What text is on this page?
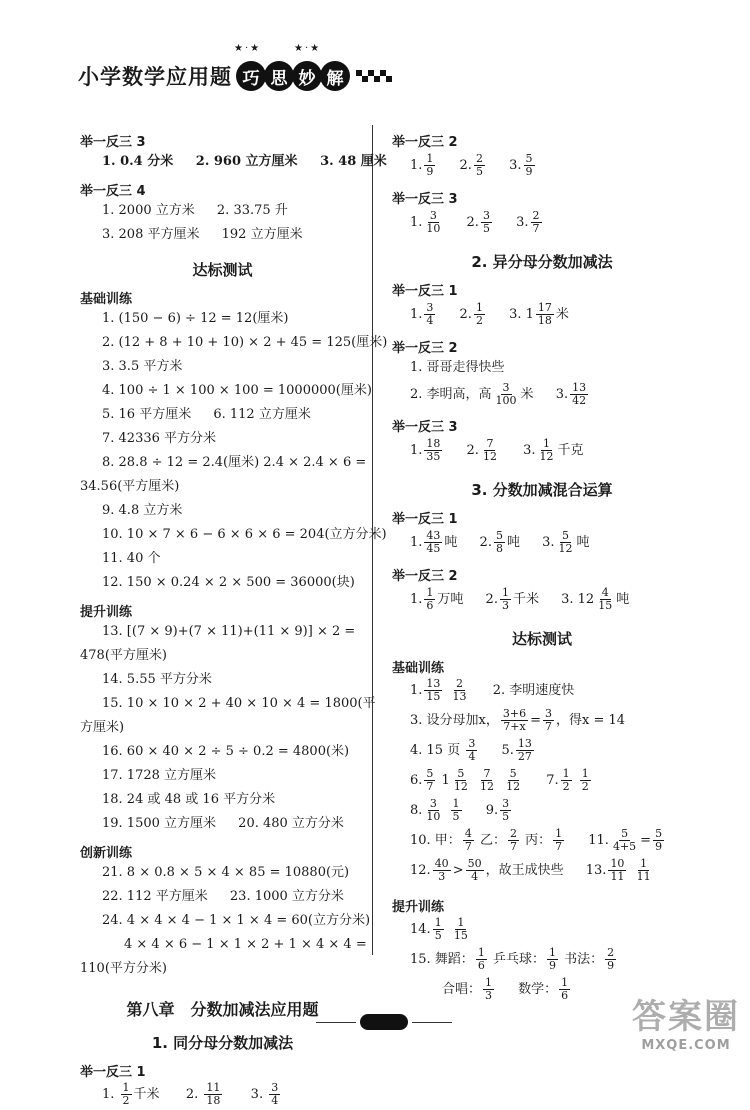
小学数学应用题
★·★	★·★
巧 思 妙 解
举一反三 3
1. 0.4 分米 2. 960 立方厘米 3. 48 厘米
举一反三 4
1. 2000 立方米 2. 33.75 升
3. 208 平方厘米 192 立方厘米
达标测试
基础训练
1. (150 − 6) ÷ 12 = 12(厘米)
2. (12 + 8 + 10 + 10) × 2 + 45 = 125(厘米)
3. 3.5 平方米
4. 100 ÷ 1 × 100 × 100 = 1000000(厘米)
5. 16 平方厘米 6. 112 立方厘米
7. 42336 平方分米
8. 28.8 ÷ 12 = 2.4(厘米) 2.4 × 2.4 × 6 =
34.56(平方厘米)
9. 4.8 立方米
10. 10 × 7 × 6 − 6 × 6 × 6 = 204(立方分米)
11. 40 个
12. 150 × 0.24 × 2 × 500 = 36000(块)
提升训练
13. [(7 × 9)+(7 × 11)+(11 × 9)] × 2 =
478(平方厘米)
14. 5.55 平方分米
15. 10 × 10 × 2 + 40 × 10 × 4 = 1800(平
方厘米)
16. 60 × 40 × 2 ÷ 5 ÷ 0.2 = 4800(米)
17. 1728 立方厘米
18. 24 或 48 或 16 平方分米
19. 1500 立方厘米 20. 480 立方分米
创新训练
21. 8 × 0.8 × 5 × 4 × 85 = 10880(元)
22. 112 平方厘米 23. 1000 立方分米
24. 4 × 4 × 4 − 1 × 1 × 4 = 60(立方分米)
4 × 4 × 6 − 1 × 1 × 2 + 1 × 4 × 4 =
110(平方分米)
第八章　分数加减法应用题
1. 同分母分数加减法
举一反三 1
1. $\frac{1}{2}$ 千米 2. $\frac{11}{18} 3$. $\frac{3}{4}$
举一反三 2
1. $\frac{1}{9} 2$. $\frac{2}{5} 3$. $\frac{5}{9}$
举一反三 3
1. $\frac{3}{10} 2$. $\frac{3}{5} 3$. $\frac{2}{7}$
2. 异分母分数加减法
举一反三 1
1. $\frac{3}{4} 2$. $\frac{1}{2} 3$. $1 \frac{17}{18}$ 米
举一反三 2
1. 哥哥走得快些
2. 李明高，高 $\frac{3}{100}$ 米 3. $\frac{13}{42}$
举一反三 3
1. $\frac{18}{35} 2$. $\frac{7}{12} 3$. $\frac{1}{12}$ 千克
3. 分数加减混合运算
举一反三 1
1. $\frac{43}{45}$ 吨 2. $\frac{5}{8}$ 吨 3. $\frac{5}{12}$ 吨
举一反三 2
1. $\frac{1}{6}$ 万吨 2. $\frac{1}{3}$ 千米 3. $12 \frac{4}{15}$ 吨
达标测试
基础训练
1. $\frac{13}{15}$
$\frac{2}{13} 2$. 李明速度快
3. 设分母加x， $\frac{3+6}{7+x} = \frac{3}{7}$ ，得x = 14
4. 15 页 $\frac{3}{4} 5$. $\frac{13}{27}$
6. $\frac{5}{7} 1 \frac{5}{12}$
$\frac{7}{12}$
$\frac{5}{12} 7$. $\frac{1}{2}$
$\frac{1}{2}$
8. $\frac{3}{10}$
$\frac{1}{5} 9$. $\frac{3}{5}$
10. 甲： $\frac{4}{7}$ 乙： $\frac{2}{7}$ 丙： $\frac{1}{7} 11$. $\frac{5}{4+5} = \frac{5}{9}$
12. $\frac{40}{3} > \frac{50}{4}$ ，故王成快些 13. $\frac{10}{11}$
$\frac{1}{11}$
提升训练
14. $\frac{1}{5}$
$\frac{1}{15}$
15. 舞蹈： $\frac{1}{6}$ 乒乓球： $\frac{1}{9}$ 书法： $\frac{2}{9}$
合唱： $\frac{1}{3}$ 数学： $\frac{1}{6}$
答案圈
MXQE.COM
